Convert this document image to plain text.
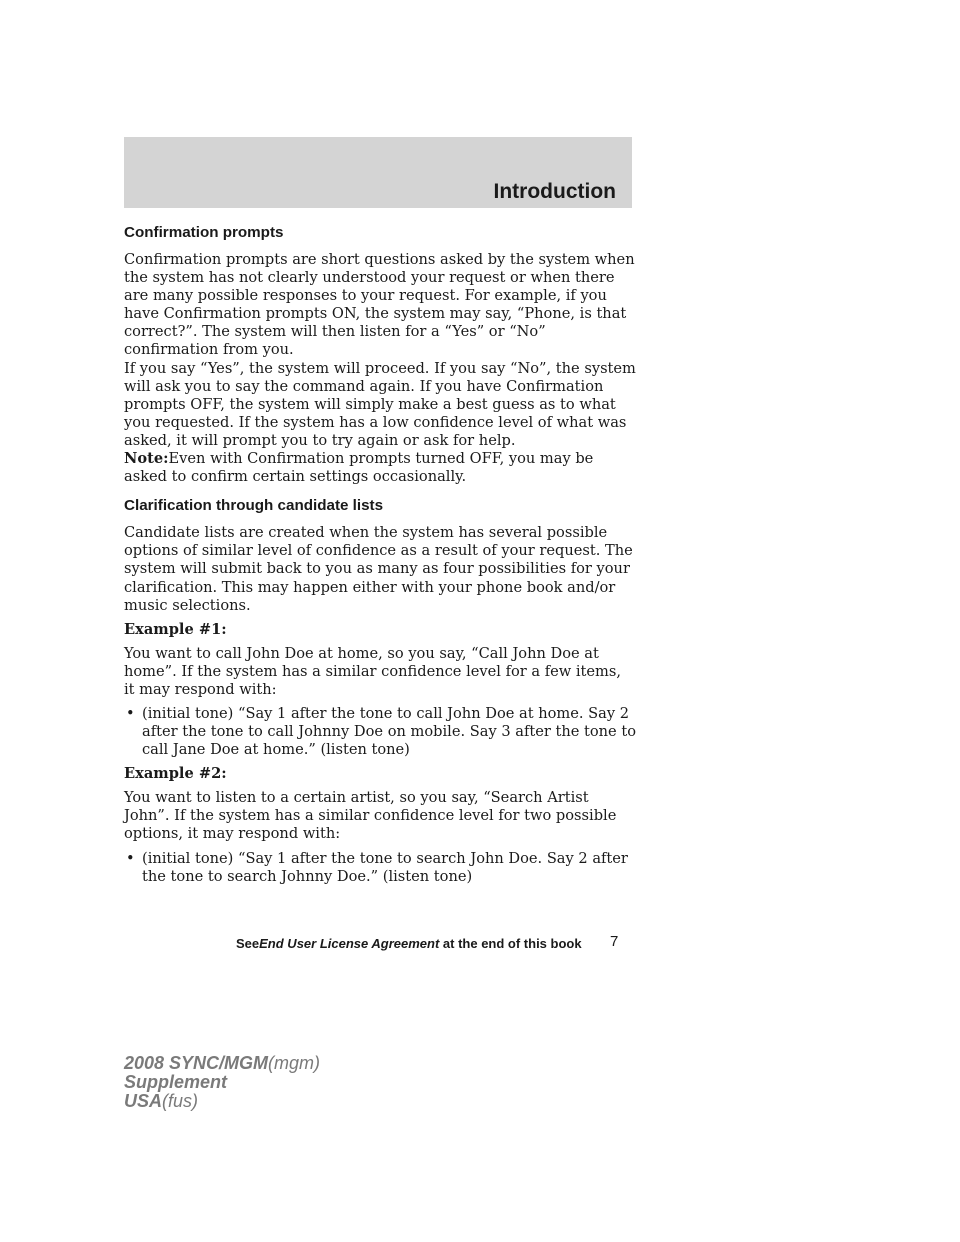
Introduction
Confirmation prompts

Confirmation prompts are short questions asked by the system when the system has not clearly understood your request or when there are many possible responses to your request. For example, if you have Confirmation prompts ON, the system may say, “Phone, is that correct?”. The system will then listen for a “Yes” or “No” confirmation from you.

If you say “Yes”, the system will proceed. If you say “No”, the system will ask you to say the command again. If you have Confirmation prompts OFF, the system will simply make a best guess as to what you requested. If the system has a low confidence level of what was asked, it will prompt you to try again or ask for help.

Note:Even with Confirmation prompts turned OFF, you may be asked to confirm certain settings occasionally.

Clarification through candidate lists

Candidate lists are created when the system has several possible options of similar level of confidence as a result of your request. The system will submit back to you as many as four possibilities for your clarification. This may happen either with your phone book and/or music selections.

Example #1:

You want to call John Doe at home, so you say, “Call John Doe at home”. If the system has a similar confidence level for a few items, it may respond with:

• (initial tone) “Say 1 after the tone to call John Doe at home. Say 2 after the tone to call Johnny Doe on mobile. Say 3 after the tone to call Jane Doe at home.” (listen tone)

Example #2:

You want to listen to a certain artist, so you say, “Search Artist John”. If the system has a similar confidence level for two possible options, it may respond with:

• (initial tone) “Say 1 after the tone to search John Doe. Say 2 after the tone to search Johnny Doe.” (listen tone)
SeeEnd User License Agreement at the end of this book 7
2008 SYNC/MGM(mgm)
Supplement
USA(fus)
